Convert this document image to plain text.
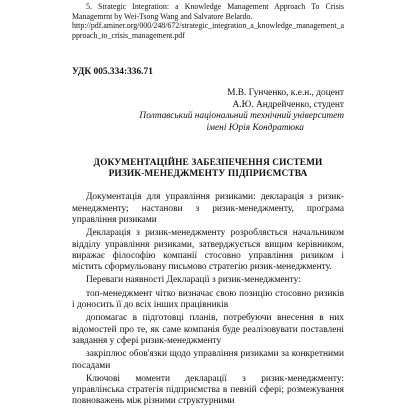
5. Strategic Integration: a Knowledge Management Approach To Crisis Managemrnt by Wei-Tsong Wang and Salvatore Belardo.
http://pdf.aminer.org/000/248/672/strategic_integration_a_knowledge_management_approach_to_crisis_management.pdf
УДК 005.334:336.71
М.В. Гунченко, к.е.н., доцент
А.Ю. Андрейченко, студент
Полтавський національний технічний університет
імені Юрія Кондратюка
ДОКУМЕНТАЦІЙНЕ ЗАБЕЗПЕЧЕННЯ СИСТЕМИ
РИЗИК-МЕНЕДЖМЕНТУ ПІДПРИЄМСТВА

Документація для управління ризиками: декларація з ризик-менеджменту; настанови з ризик-менеджменту, програма управління ризиками

Декларація з ризик-менеджменту розробляється начальником відділу управління ризиками, затверджується вищим керівником, виражає філософію компанії стосовно управління ризиком і містить сформульовану письмово стратегію ризик-менеджменту.

Переваги наявності Декларації з ризик-менеджменту:

топ-менеджмент чітко визначає свою позицію стосовно ризиків і доносить її до всіх інших працівників

допомагає в підготовці планів, потребуючи внесення в них відомостей про те, як саме компанія буде реалізовувати поставлені завдання у сфері ризик-менеджменту

закріплює обов'язки щодо управління ризиками за конкретними посадами

Ключові моменти декларації з ризик-менеджменту: управлінська стратегія підприємства в певній сфері; розмежування повноважень між різними структурними
